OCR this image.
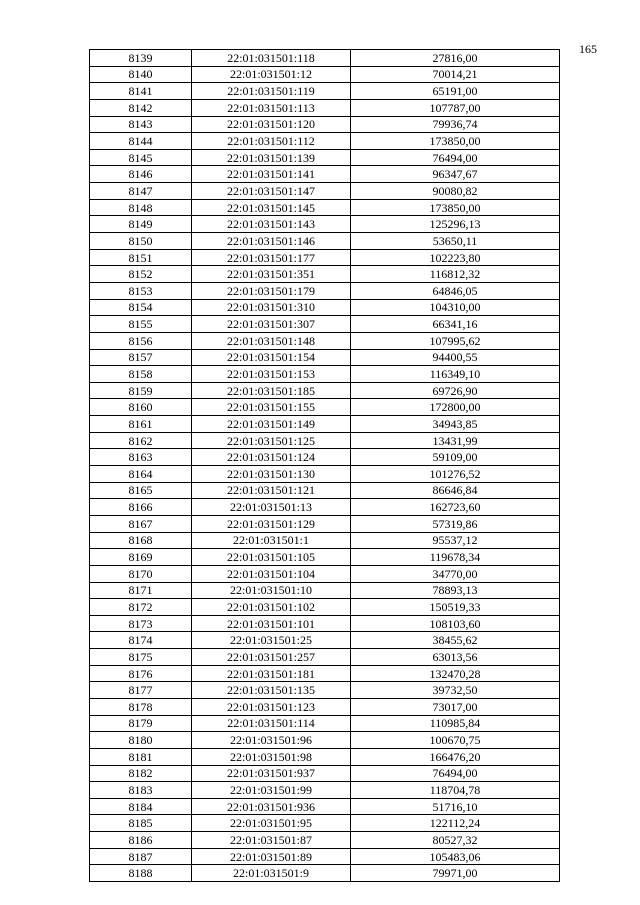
165
8139	22:01:031501:118	27816,00
8140	22:01:031501:12	70014,21
8141	22:01:031501:119	65191,00
8142	22:01:031501:113	107787,00
8143	22:01:031501:120	79936,74
8144	22:01:031501:112	173850,00
8145	22:01:031501:139	76494,00
8146	22:01:031501:141	96347,67
8147	22:01:031501:147	90080,82
8148	22:01:031501:145	173850,00
8149	22:01:031501:143	125296,13
8150	22:01:031501:146	53650,11
8151	22:01:031501:177	102223,80
8152	22:01:031501:351	116812,32
8153	22:01:031501:179	64846,05
8154	22:01:031501:310	104310,00
8155	22:01:031501:307	66341,16
8156	22:01:031501:148	107995,62
8157	22:01:031501:154	94400,55
8158	22:01:031501:153	116349,10
8159	22:01:031501:185	69726,90
8160	22:01:031501:155	172800,00
8161	22:01:031501:149	34943,85
8162	22:01:031501:125	13431,99
8163	22:01:031501:124	59109,00
8164	22:01:031501:130	101276,52
8165	22:01:031501:121	86646,84
8166	22:01:031501:13	162723,60
8167	22:01:031501:129	57319,86
8168	22:01:031501:1	95537,12
8169	22:01:031501:105	119678,34
8170	22:01:031501:104	34770,00
8171	22:01:031501:10	78893,13
8172	22:01:031501:102	150519,33
8173	22:01:031501:101	108103,60
8174	22:01:031501:25	38455,62
8175	22:01:031501:257	63013,56
8176	22:01:031501:181	132470,28
8177	22:01:031501:135	39732,50
8178	22:01:031501:123	73017,00
8179	22:01:031501:114	110985,84
8180	22:01:031501:96	100670,75
8181	22:01:031501:98	166476,20
8182	22:01:031501:937	76494,00
8183	22:01:031501:99	118704,78
8184	22:01:031501:936	51716,10
8185	22:01:031501:95	122112,24
8186	22:01:031501:87	80527,32
8187	22:01:031501:89	105483,06
8188	22:01:031501:9	79971,00
